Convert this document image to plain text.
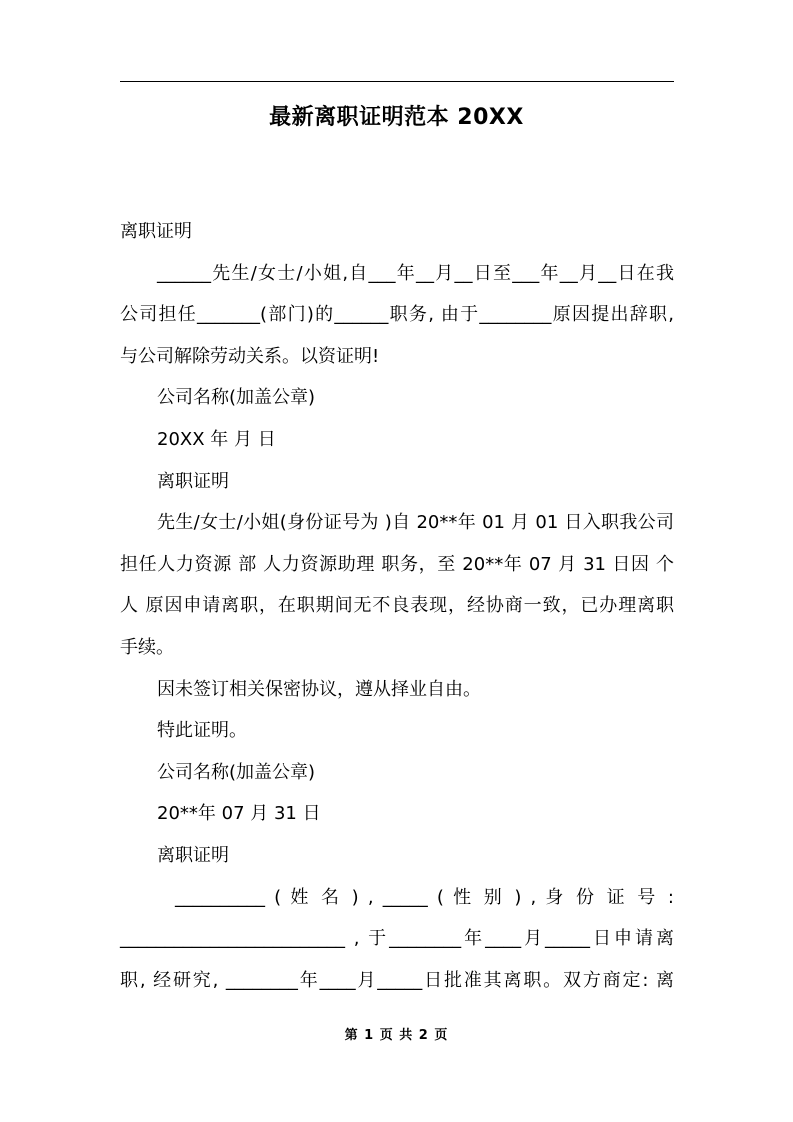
最新离职证明范本 20XX

离职证明

______先生/女士/小姐,自___年__月__日至___年__月__日在我

公司担任_______(部门)的______职务, 由于________原因提出辞职,

与公司解除劳动关系。以资证明!

公司名称(加盖公章)

20XX 年 月 日

离职证明

先生/女士/小姐(身份证号为 )自 20**年 01 月 01 日入职我公司

担任人力资源 部 人力资源助理 职务，至 20**年 07 月 31 日因 个

人 原因申请离职，在职期间无不良表现，经协商一致，已办理离职

手续。

因未签订相关保密协议，遵从择业自由。

特此证明。

公司名称(加盖公章)

20**年 07 月 31 日

离职证明

__________ ( 姓 名 ) , _____ ( 性 别 ) , 身 份 证 号 :

_________________________ , 于________年____月_____日申请离

职, 经研究, ________年____月_____日批准其离职。双方商定: 离

第 1 页 共 2 页
